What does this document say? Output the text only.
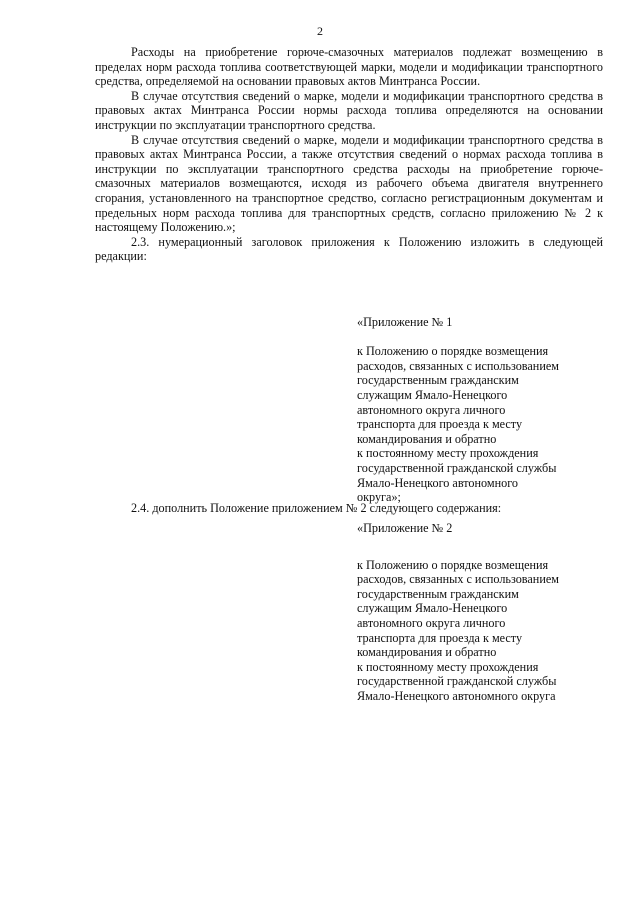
2

Расходы на приобретение горюче-смазочных материалов подлежат возмещению в пределах норм расхода топлива соответствующей марки, модели и модификации транспортного средства, определяемой на основании правовых актов Минтранса России.

В случае отсутствия сведений о марке, модели и модификации транспортного средства в правовых актах Минтранса России нормы расхода топлива определяются на основании инструкции по эксплуатации транспортного средства.

В случае отсутствия сведений о марке, модели и модификации транспортного средства в правовых актах Минтранса России, а также отсутствия сведений о нормах расхода топлива в инструкции по эксплуатации транспортного средства расходы на приобретение горюче-смазочных материалов возмещаются, исходя из рабочего объема двигателя внутреннего сгорания, установленного на транспортное средство, согласно регистрационным документам и предельных норм расхода топлива для транспортных средств, согласно приложению № 2 к настоящему Положению.»;

2.3. нумерационный заголовок приложения к Положению изложить в следующей редакции:

«Приложение № 1

к Положению о порядке возмещения
расходов, связанных с использованием
государственным гражданским
служащим Ямало-Ненецкого
автономного округа личного
транспорта для проезда к месту
командирования и обратно
к постоянному месту прохождения
государственной гражданской службы
Ямало-Ненецкого автономного
округа»;

2.4. дополнить Положение приложением № 2 следующего содержания:

«Приложение № 2

к Положению о порядке возмещения
расходов, связанных с использованием
государственным гражданским
служащим Ямало-Ненецкого
автономного округа личного
транспорта для проезда к месту
командирования и обратно
к постоянному месту прохождения
государственной гражданской службы
Ямало-Ненецкого автономного округа
